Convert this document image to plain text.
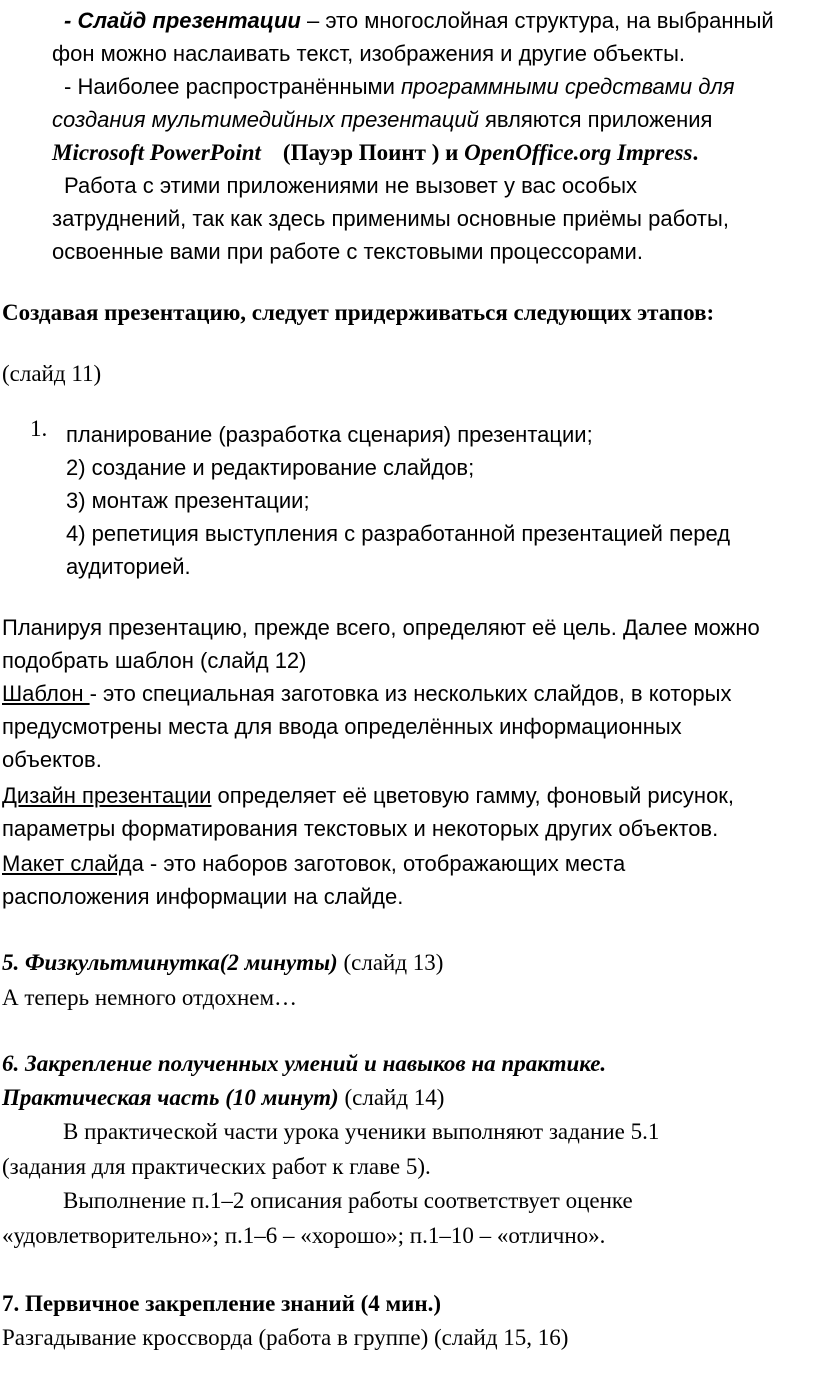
- Слайд презентации – это многослойная структура, на выбранный
фон можно наслаивать текст, изображения и другие объекты.
- Наиболее распространёнными программными средствами для
создания мультимедийных презентаций являются приложения
Microsoft PowerPoint (Пауэр Поинт ) и OpenOffice.org Impress.
Работа с этими приложениями не вызовет у вас особых
затруднений, так как здесь применимы основные приёмы работы,
освоенные вами при работе с текстовыми процессорами.
Создавая презентацию, следует придерживаться следующих этапов:
(слайд 11)
1. планирование (разработка сценария) презентации;
2) создание и редактирование слайдов;
3) монтаж презентации;
4) репетиция выступления с разработанной презентацией перед
аудиторией.
Планируя презентацию, прежде всего, определяют её цель. Далее можно
подобрать шаблон (слайд 12)
Шаблон - это специальная заготовка из нескольких слайдов, в которых
предусмотрены места для ввода определённых информационных
объектов.
Дизайн презентации определяет её цветовую гамму, фоновый рисунок,
параметры форматирования текстовых и некоторых других объектов.
Макет слайда - это наборов заготовок, отображающих места
расположения информации на слайде.
5. Физкультминутка(2 минуты) (слайд 13)
А теперь немного отдохнем…
6. Закрепление полученных умений и навыков на практике.
Практическая часть (10 минут) (слайд 14)
В практической части урока ученики выполняют задание 5.1
(задания для практических работ к главе 5).
Выполнение п.1–2 описания работы соответствует оценке
«удовлетворительно»; п.1–6 – «хорошо»; п.1–10 – «отлично».
7. Первичное закрепление знаний (4 мин.)
Разгадывание кроссворда (работа в группе) (слайд 15, 16)
